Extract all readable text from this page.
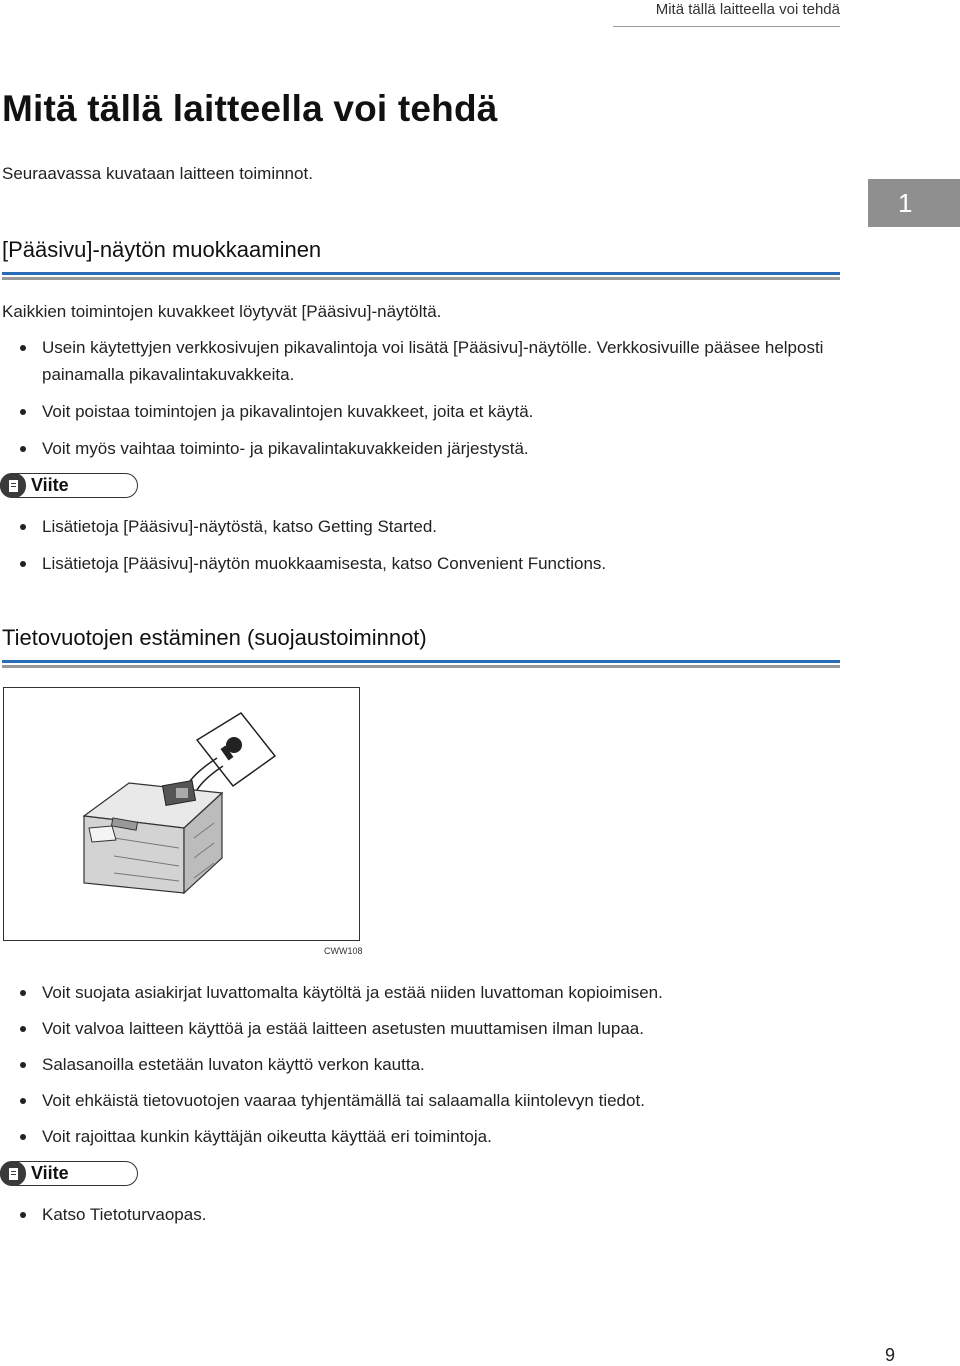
Mitä tällä laitteella voi tehdä
Mitä tällä laitteella voi tehdä
Seuraavassa kuvataan laitteen toiminnot.
1
[Pääsivu]-näytön muokkaaminen
Kaikkien toimintojen kuvakkeet löytyvät [Pääsivu]-näytöltä.
Usein käytettyjen verkkosivujen pikavalintoja voi lisätä [Pääsivu]-näytölle. Verkkosivuille pääsee helposti painamalla pikavalintakuvakkeita.
Voit poistaa toimintojen ja pikavalintojen kuvakkeet, joita et käytä.
Voit myös vaihtaa toiminto- ja pikavalintakuvakkeiden järjestystä.
Viite
Lisätietoja [Pääsivu]-näytöstä, katso Getting Started.
Lisätietoja [Pääsivu]-näytön muokkaamisesta, katso Convenient Functions.
Tietovuotojen estäminen (suojaustoiminnot)
CWW108
Voit suojata asiakirjat luvattomalta käytöltä ja estää niiden luvattoman kopioimisen.
Voit valvoa laitteen käyttöä ja estää laitteen asetusten muuttamisen ilman lupaa.
Salasanoilla estetään luvaton käyttö verkon kautta.
Voit ehkäistä tietovuotojen vaaraa tyhjentämällä tai salaamalla kiintolevyn tiedot.
Voit rajoittaa kunkin käyttäjän oikeutta käyttää eri toimintoja.
Viite
Katso Tietoturvaopas.
9
